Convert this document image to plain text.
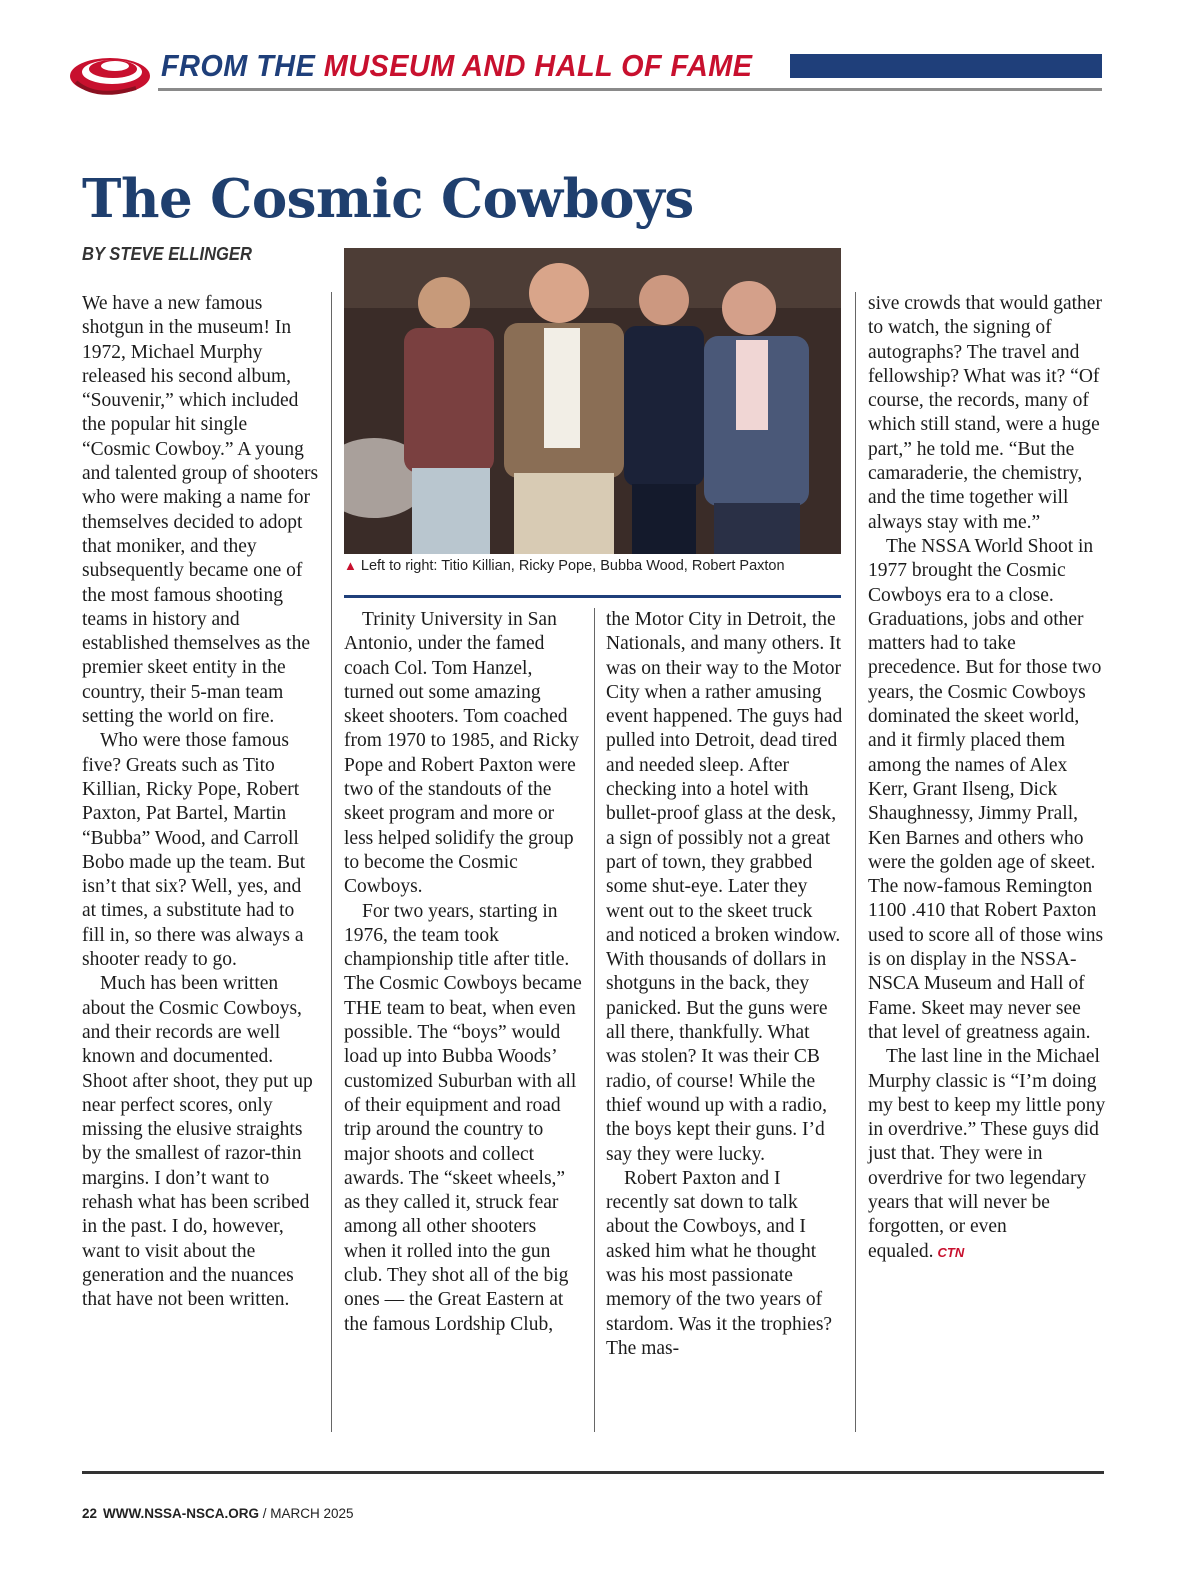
FROM THE MUSEUM AND HALL OF FAME
The Cosmic Cowboys
BY STEVE ELLINGER

We have a new famous shotgun in the museum! In 1972, Michael Murphy released his second album, “Souvenir,” which included the popular hit single “Cosmic Cowboy.” A young and talented group of shooters who were making a name for themselves decided to adopt that moniker, and they subsequently became one of the most famous shooting teams in history and established themselves as the premier skeet entity in the country, their 5-man team setting the world on fire.

Who were those famous five? Greats such as Tito Killian, Ricky Pope, Robert Paxton, Pat Bartel, Martin “Bubba” Wood, and Carroll Bobo made up the team. But isn’t that six? Well, yes, and at times, a substitute had to fill in, so there was always a shooter ready to go.

Much has been written about the Cosmic Cowboys, and their records are well known and documented. Shoot after shoot, they put up near perfect scores, only missing the elusive straights by the smallest of razor-thin margins. I don’t want to rehash what has been scribed in the past. I do, however, want to visit about the generation and the nuances that have not been written.

▲ Left to right: Titio Killian, Ricky Pope, Bubba Wood, Robert Paxton

Trinity University in San Antonio, under the famed coach Col. Tom Hanzel, turned out some amazing skeet shooters. Tom coached from 1970 to 1985, and Ricky Pope and Robert Paxton were two of the standouts of the skeet program and more or less helped solidify the group to become the Cosmic Cowboys.

For two years, starting in 1976, the team took championship title after title. The Cosmic Cowboys became THE team to beat, when even possible. The “boys” would load up into Bubba Woods’ customized Suburban with all of their equipment and road trip around the country to major shoots and collect awards. The “skeet wheels,” as they called it, struck fear among all other shooters when it rolled into the gun club. They shot all of the big ones — the Great Eastern at the famous Lordship Club,

the Motor City in Detroit, the Nationals, and many others. It was on their way to the Motor City when a rather amusing event happened. The guys had pulled into Detroit, dead tired and needed sleep. After checking into a hotel with bullet-proof glass at the desk, a sign of possibly not a great part of town, they grabbed some shut-eye. Later they went out to the skeet truck and noticed a broken window. With thousands of dollars in shotguns in the back, they panicked. But the guns were all there, thankfully. What was stolen? It was their CB radio, of course! While the thief wound up with a radio, the boys kept their guns. I’d say they were lucky.

Robert Paxton and I recently sat down to talk about the Cowboys, and I asked him what he thought was his most passionate memory of the two years of stardom. Was it the trophies? The mas-

sive crowds that would gather to watch, the signing of autographs? The travel and fellowship? What was it? “Of course, the records, many of which still stand, were a huge part,” he told me. “But the camaraderie, the chemistry, and the time together will always stay with me.”

The NSSA World Shoot in 1977 brought the Cosmic Cowboys era to a close. Graduations, jobs and other matters had to take precedence. But for those two years, the Cosmic Cowboys dominated the skeet world, and it firmly placed them among the names of Alex Kerr, Grant Ilseng, Dick Shaughnessy, Jimmy Prall, Ken Barnes and others who were the golden age of skeet. The now-famous Remington 1100 .410 that Robert Paxton used to score all of those wins is on display in the NSSA-NSCA Museum and Hall of Fame. Skeet may never see that level of greatness again.

The last line in the Michael Murphy classic is “I’m doing my best to keep my little pony in overdrive.” These guys did just that. They were in overdrive for two legendary years that will never be forgotten, or even equaled. CTN

22 WWW.NSSA-NSCA.ORG / MARCH 2025
